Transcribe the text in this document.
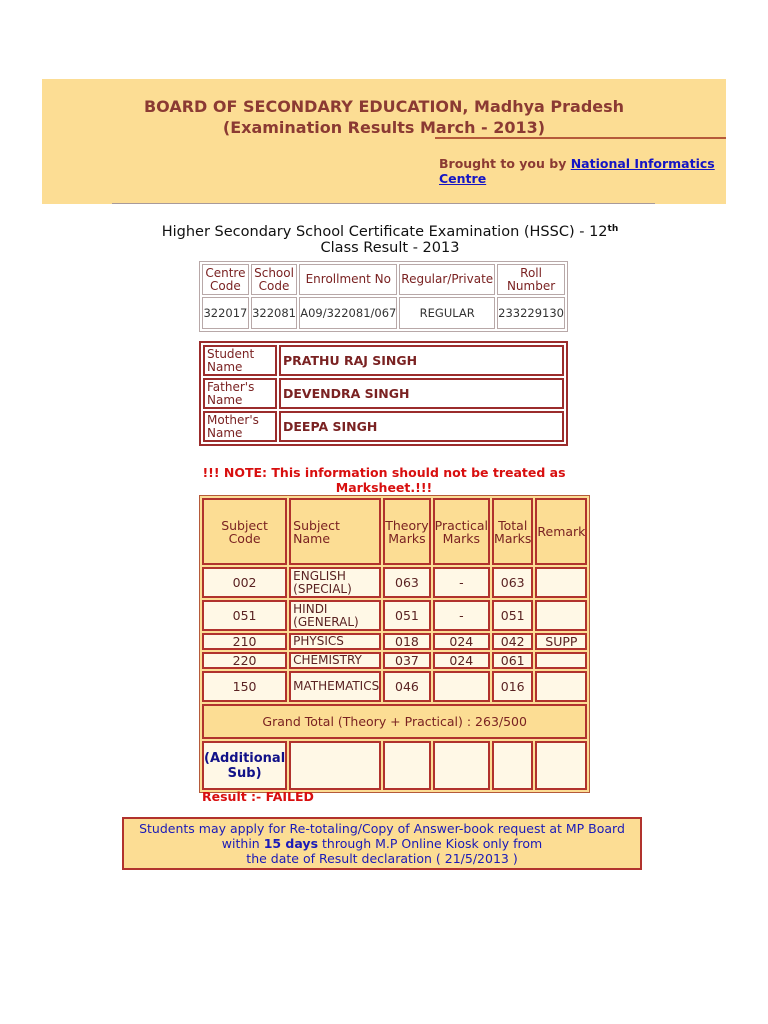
BOARD OF SECONDARY EDUCATION, Madhya Pradesh
(Examination Results March - 2013)
Brought to you by National Informatics Centre
Higher Secondary School Certificate Examination (HSSC) - 12th
Class Result - 2013
Centre Code	School Code	Enrollment No	Regular/Private	Roll Number
322017	322081	A09/322081/067	REGULAR	233229130
Student Name	PRATHU RAJ SINGH
Father's Name	DEVENDRA SINGH
Mother's Name	DEEPA SINGH
!!! NOTE: This information should not be treated as Marksheet.!!!
Subject Code	Subject Name	Theory Marks	Practical Marks	Total Marks	Remark
002	ENGLISH (SPECIAL)	063	-	063	
051	HINDI (GENERAL)	051	-	051	
210	PHYSICS	018	024	042	SUPP
220	CHEMISTRY	037	024	061	
150	MATHEMATICS	046		016	
Grand Total (Theory + Practical) : 263/500					
(Additional Sub)					
Result :- FAILED
Students may apply for Re-totaling/Copy of Answer-book request at MP Board
within 15 days through M.P Online Kiosk only from
the date of Result declaration ( 21/5/2013 )
